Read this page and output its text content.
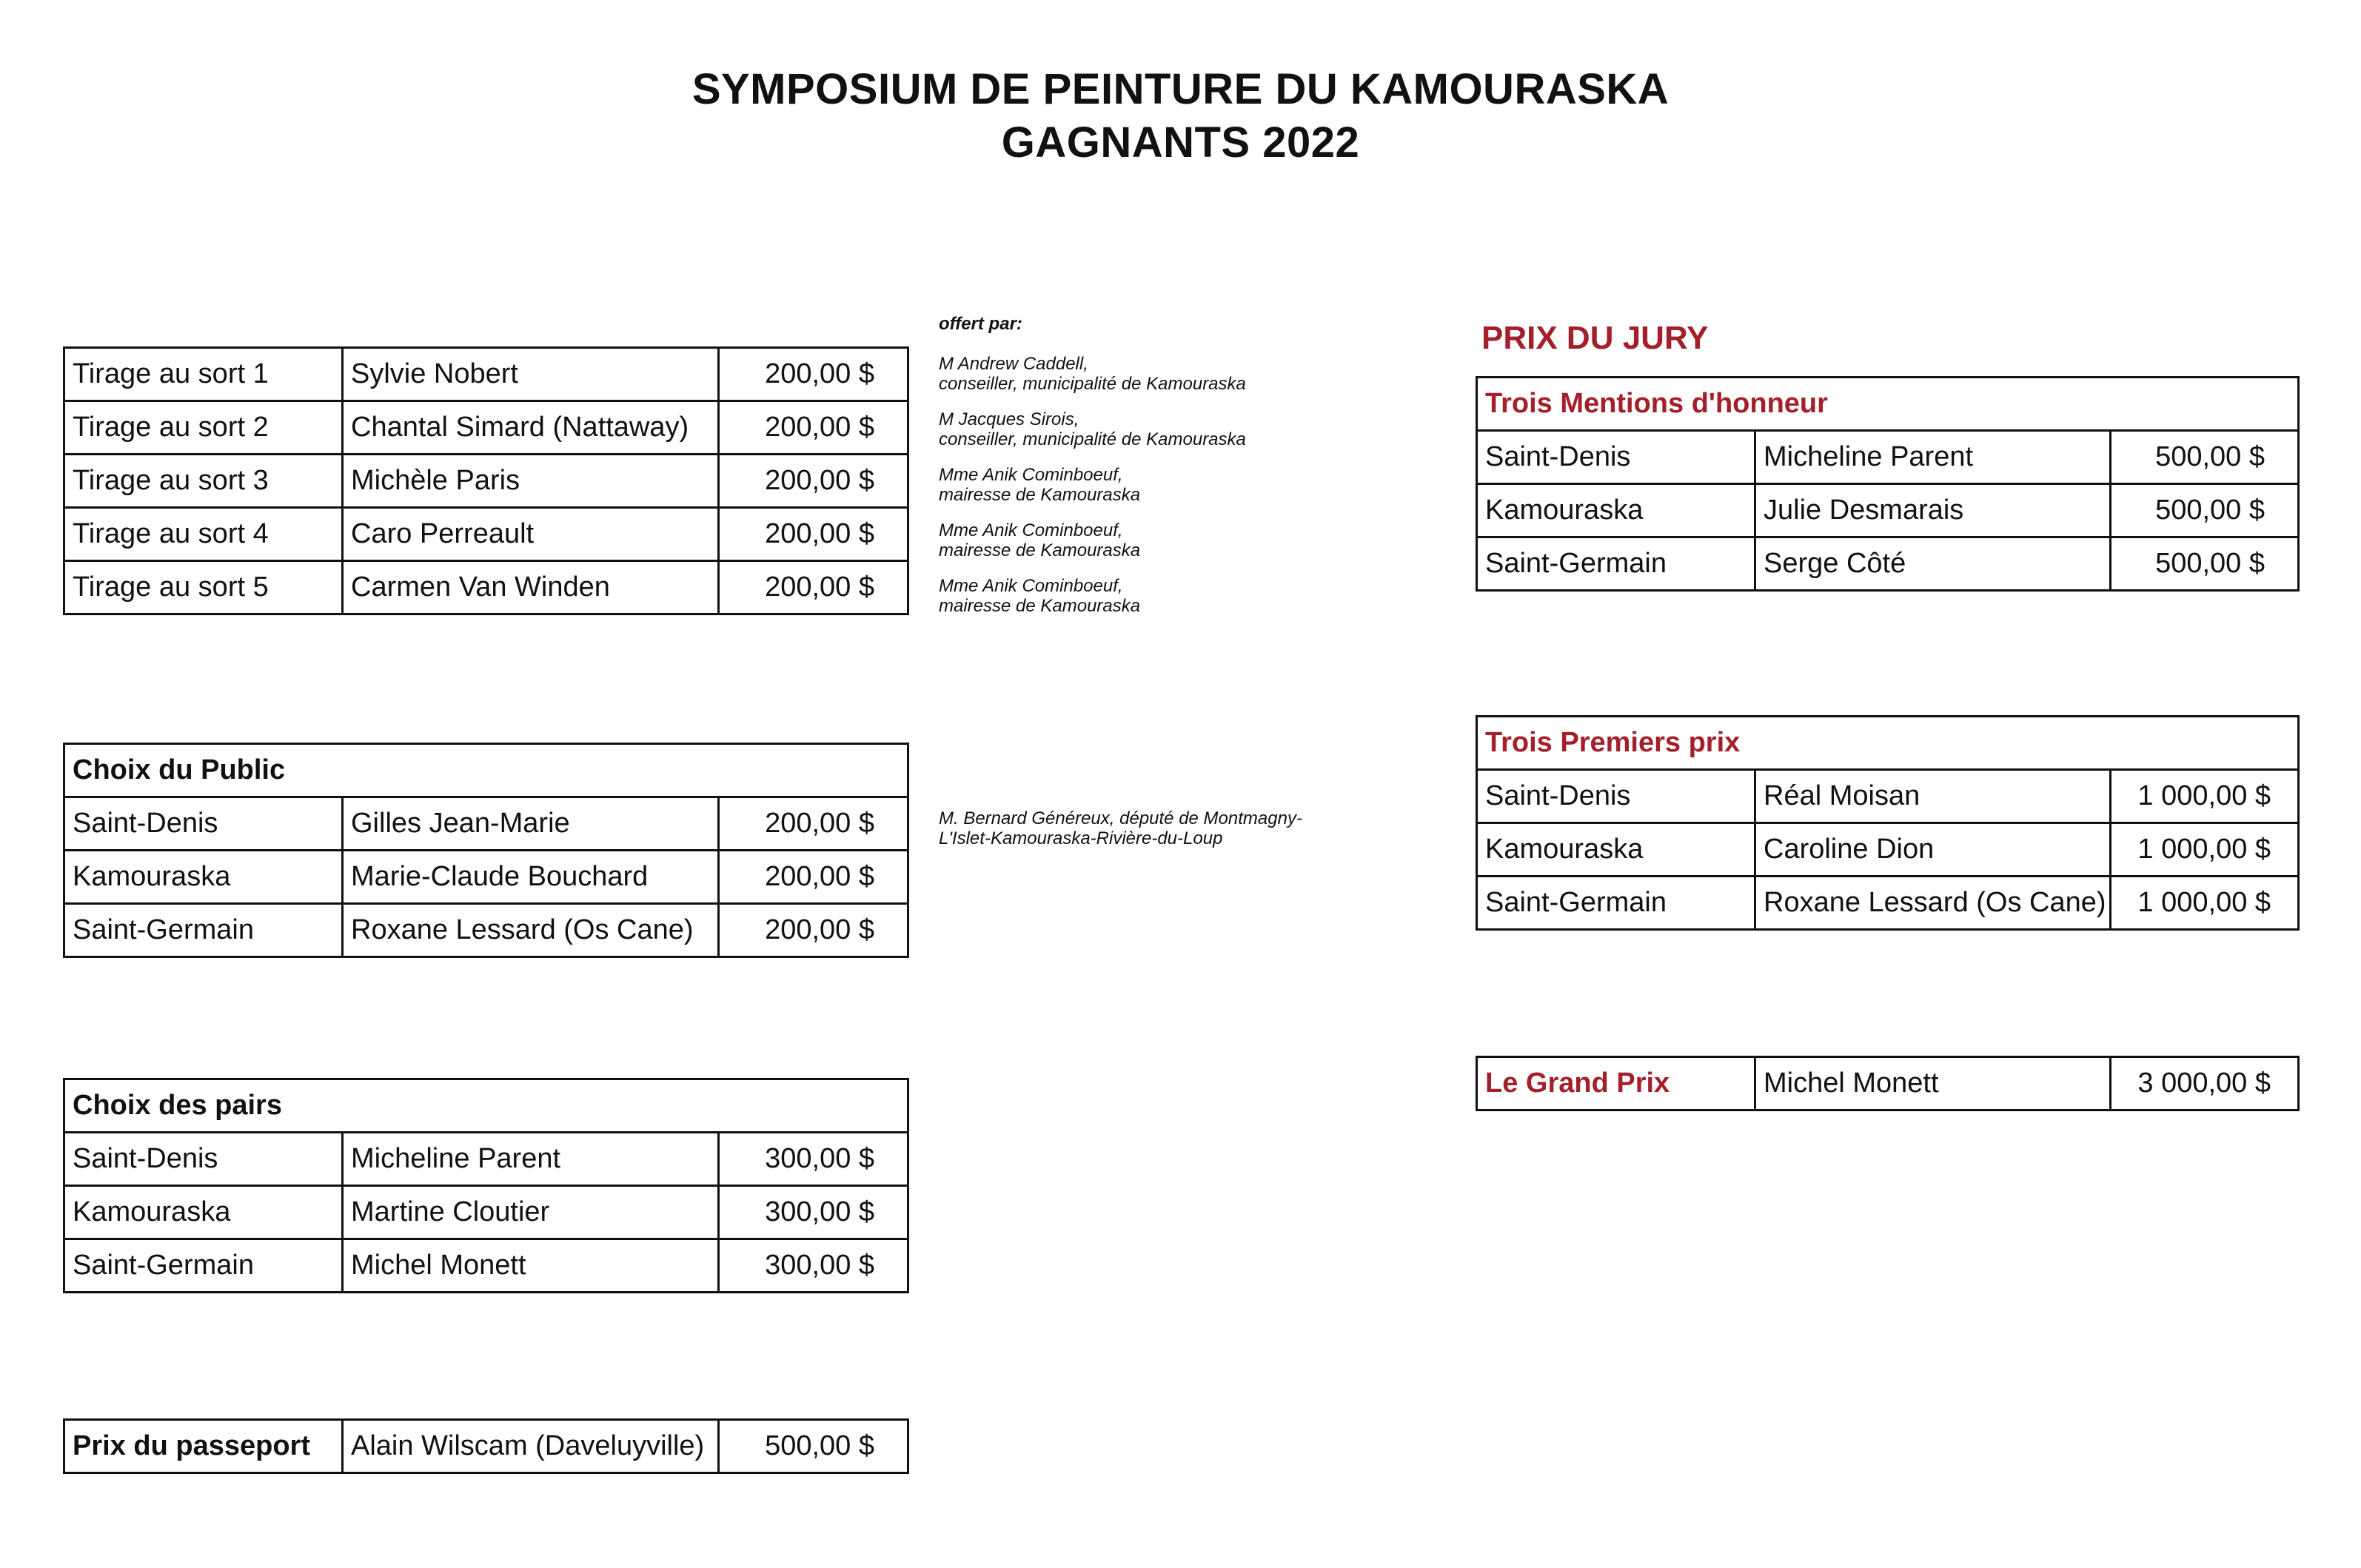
SYMPOSIUM DE PEINTURE DU KAMOURASKA
GAGNANTS 2022
Tirage au sort 1	Sylvie Nobert	200,00 $
Tirage au sort 2	Chantal Simard (Nattaway)	200,00 $
Tirage au sort 3	Michèle Paris	200,00 $
Tirage au sort 4	Caro Perreault	200,00 $
Tirage au sort 5	Carmen Van Winden	200,00 $
offert par:
M Andrew Caddell,
conseiller, municipalité de Kamouraska
M Jacques Sirois,
conseiller, municipalité de Kamouraska
Mme Anik Cominboeuf,
mairesse de Kamouraska
Mme Anik Cominboeuf,
mairesse de Kamouraska
Mme Anik Cominboeuf,
mairesse de Kamouraska
M. Bernard Généreux, député de Montmagny-
L'Islet-Kamouraska-Rivière-du-Loup
Choix du Public		
Saint-Denis	Gilles Jean-Marie	200,00 $
Kamouraska	Marie-Claude Bouchard	200,00 $
Saint-Germain	Roxane Lessard (Os Cane)	200,00 $
Choix des pairs		
Saint-Denis	Micheline Parent	300,00 $
Kamouraska	Martine Cloutier	300,00 $
Saint-Germain	Michel Monett	300,00 $
Prix du passeport	Alain Wilscam (Daveluyville)	500,00 $
PRIX DU JURY
Trois Mentions d'honneur		
Saint-Denis	Micheline Parent	500,00 $
Kamouraska	Julie Desmarais	500,00 $
Saint-Germain	Serge Côté	500,00 $
Trois Premiers prix		
Saint-Denis	Réal Moisan	1 000,00 $
Kamouraska	Caroline Dion	1 000,00 $
Saint-Germain	Roxane Lessard (Os Cane)	1 000,00 $
Le Grand Prix	Michel Monett	3 000,00 $
